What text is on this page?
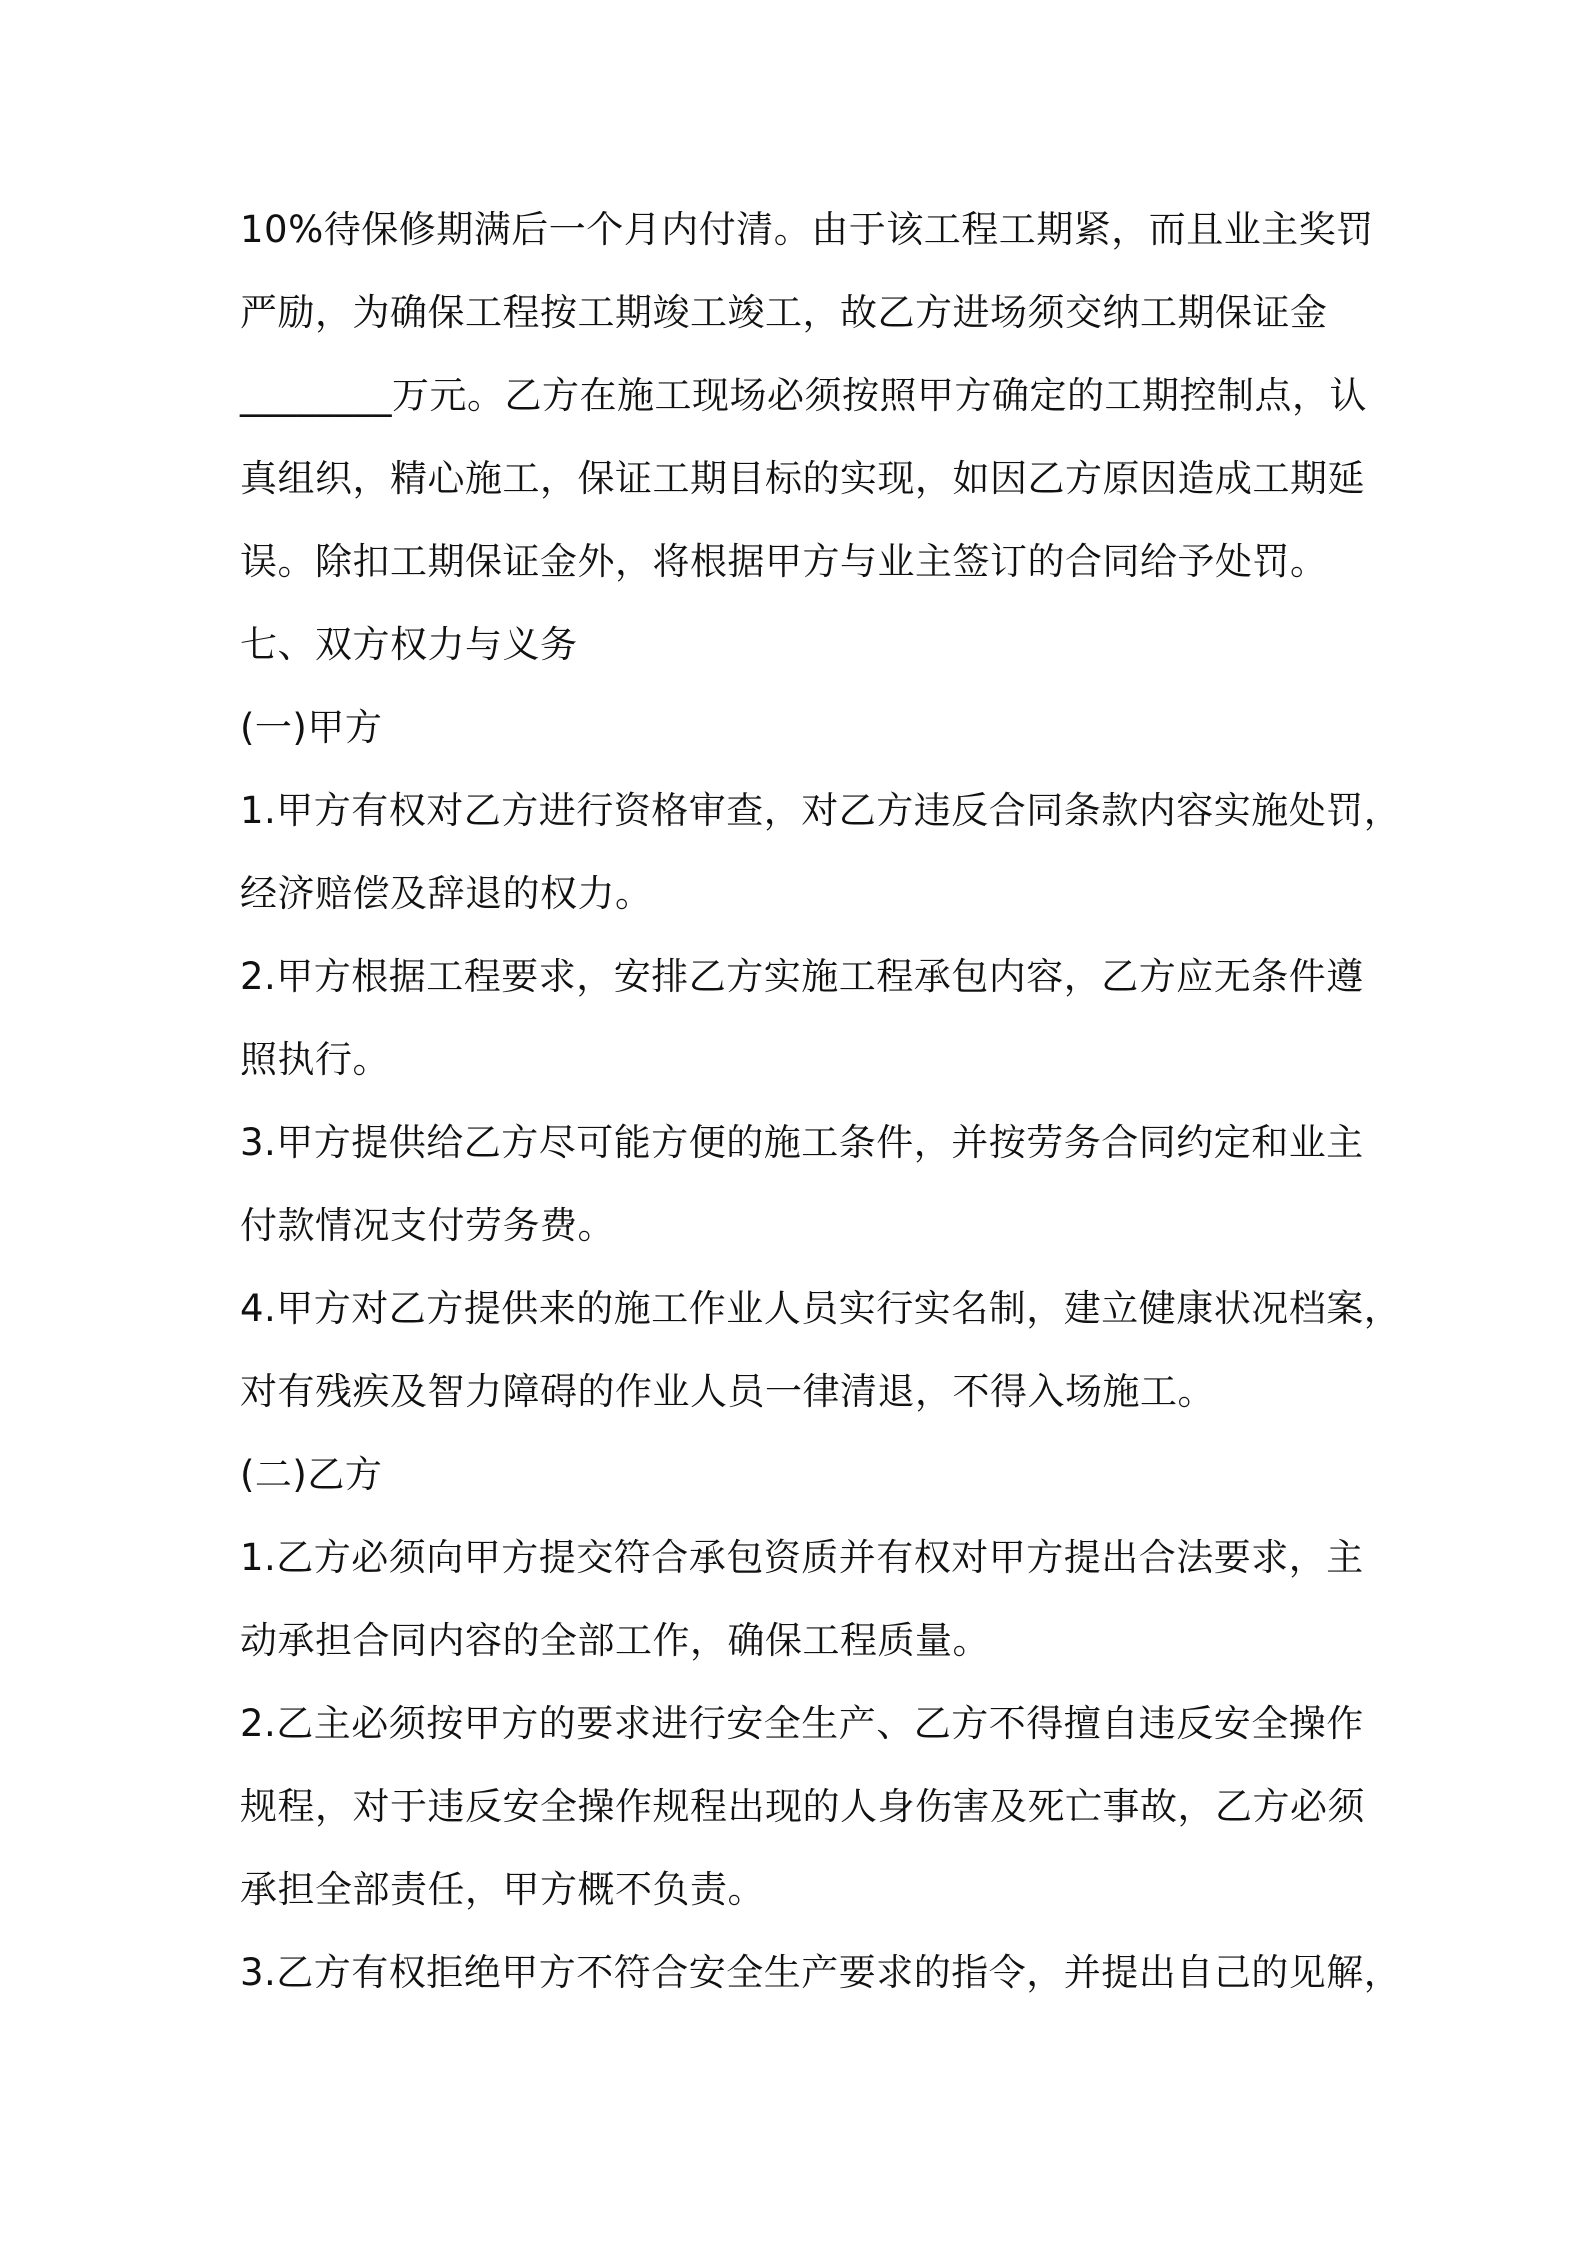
10%待保修期满后一个月内付清。由于该工程工期紧，而且业主奖罚
严励，为确保工程按工期竣工竣工，故乙方进场须交纳工期保证金
________万元。乙方在施工现场必须按照甲方确定的工期控制点，认
真组织，精心施工，保证工期目标的实现，如因乙方原因造成工期延
误。除扣工期保证金外，将根据甲方与业主签订的合同给予处罚。
七、双方权力与义务
(一)甲方
1.甲方有权对乙方进行资格审查，对乙方违反合同条款内容实施处罚，
经济赔偿及辞退的权力。
2.甲方根据工程要求，安排乙方实施工程承包内容，乙方应无条件遵
照执行。
3.甲方提供给乙方尽可能方便的施工条件，并按劳务合同约定和业主
付款情况支付劳务费。
4.甲方对乙方提供来的施工作业人员实行实名制，建立健康状况档案，
对有残疾及智力障碍的作业人员一律清退，不得入场施工。
(二)乙方
1.乙方必须向甲方提交符合承包资质并有权对甲方提出合法要求，主
动承担合同内容的全部工作，确保工程质量。
2.乙主必须按甲方的要求进行安全生产、乙方不得擅自违反安全操作
规程，对于违反安全操作规程出现的人身伤害及死亡事故，乙方必须
承担全部责任，甲方概不负责。
3.乙方有权拒绝甲方不符合安全生产要求的指令，并提出自己的见解，
